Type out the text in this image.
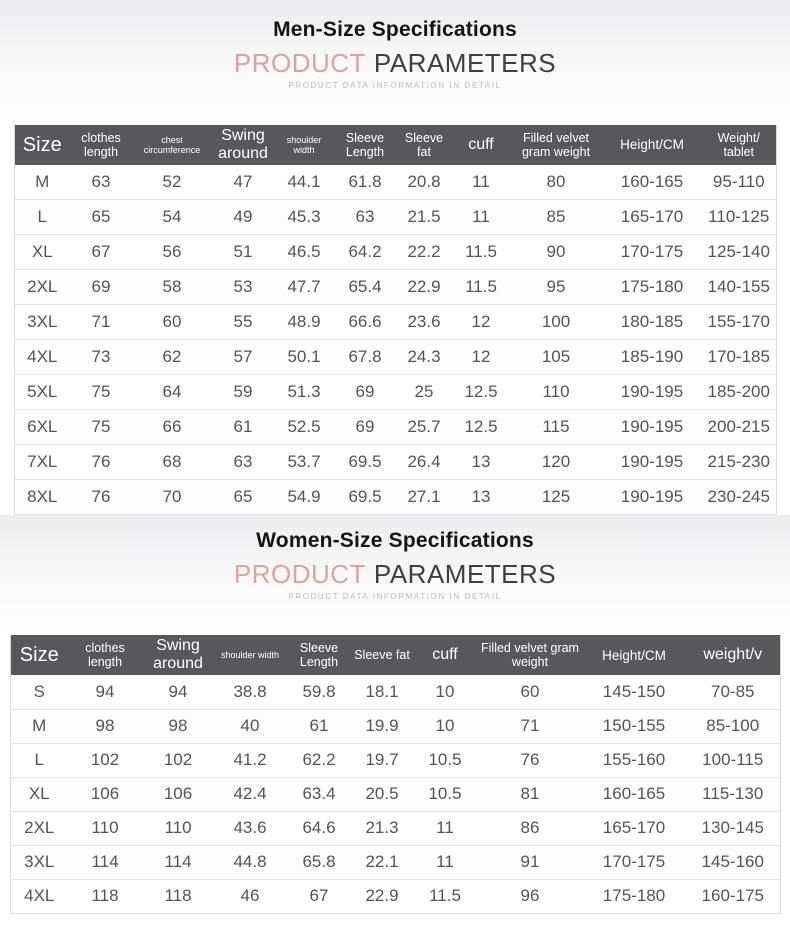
Men-Size Specifications
PRODUCT PARAMETERS
PRODUCT DATA INFORMATION IN DETAIL
Size	clothes length	chest circumference	Swing around	shoulder width	Sleeve Length	Sleeve fat	cuff	Filled velvet gram weight	Height/CM	Weight/ tablet
M	63	52	47	44.1	61.8	20.8	11	80	160-165	95-110
L	65	54	49	45.3	63	21.5	11	85	165-170	110-125
XL	67	56	51	46.5	64.2	22.2	11.5	90	170-175	125-140
2XL	69	58	53	47.7	65.4	22.9	11.5	95	175-180	140-155
3XL	71	60	55	48.9	66.6	23.6	12	100	180-185	155-170
4XL	73	62	57	50.1	67.8	24.3	12	105	185-190	170-185
5XL	75	64	59	51.3	69	25	12.5	110	190-195	185-200
6XL	75	66	61	52.5	69	25.7	12.5	115	190-195	200-215
7XL	76	68	63	53.7	69.5	26.4	13	120	190-195	215-230
8XL	76	70	65	54.9	69.5	27.1	13	125	190-195	230-245
Women-Size Specifications
PRODUCT PARAMETERS
PRODUCT DATA INFORMATION IN DETAIL
Size	clothes length	Swing around	shoulder width	Sleeve Length	Sleeve fat	cuff	Filled velvet gram weight	Height/CM	weight/v
S	94	94	38.8	59.8	18.1	10	60	145-150	70-85
M	98	98	40	61	19.9	10	71	150-155	85-100
L	102	102	41.2	62.2	19.7	10.5	76	155-160	100-115
XL	106	106	42.4	63.4	20.5	10.5	81	160-165	115-130
2XL	110	110	43.6	64.6	21.3	11	86	165-170	130-145
3XL	114	114	44.8	65.8	22.1	11	91	170-175	145-160
4XL	118	118	46	67	22.9	11.5	96	175-180	160-175
